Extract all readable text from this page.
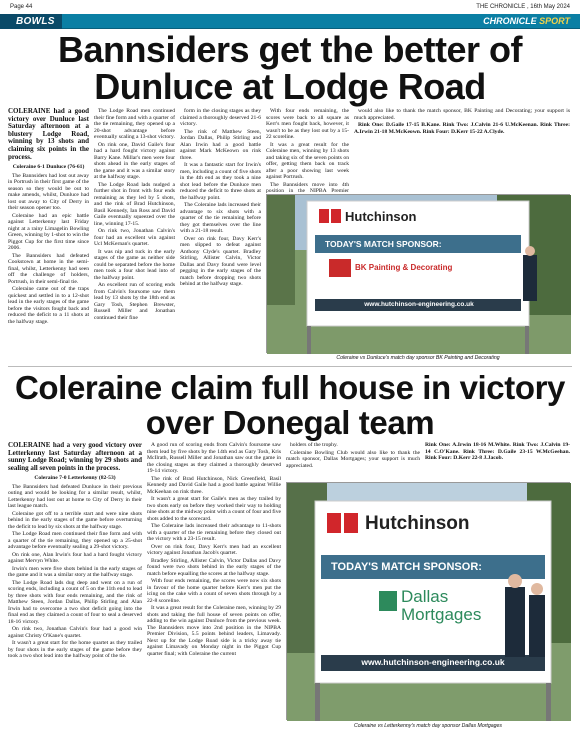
Page 44	THE CHRONICLE , 16th May 2024
BOWLS	CHRONICLE SPORT
Bannsiders get the better of Dunluce at Lodge Road

COLERAINE had a good victory over Dunluce last Saturday afternoon at a blustery Lodge Road, winning by 13 shots and claiming six points in the process.

Coleraine 6-1 Dunluce (76-61)

The Bannsiders had lost out away in Portrush in their first game of the season so they would be out to make amends, whilst, Dunluce had lost out away to City of Derry in their season opener too.

Coleraine had an epic battle against Letterkenny last Friday night at a rainy Limagelin Bowling Green, winning by 1-shot to win the Piggot Cup for the first time since 2006.

The Bannsiders had defeated Cookstown at home in the semi-final, whilst, Letterkenny had seen off the challenge of holders, Portrush, in their semi-final tie.

Coleraine came out of the traps quickest and settled in to a 12-shot lead in the early stages of the game before the visitors fought back and reduced the deficit to a 11 shots at the halfway stage.

The Lodge Road men continued their fine form and with a quarter of the tie remaining, they opened up a 20-shot advantage before eventually scaling a 13-shot victory.

On rink one, David Gaile's four had a hard fought victory against Barry Kane. Millar's men were four shots ahead in the early stages of the game and it was a similar story at the halfway stage.

The Lodge Road lads nudged a further shot in front with four ends remaining as they led by 5 shots, and the rink of Brad Hutchinson, Basil Kennedy, Ian Ross and David Gaile eventually squeezed over the line, winning 17-15.

On rink two, Jonathan Calvin's four had an excellent win against Ucl McKernan's quartet.

It was nip and tuck in the early stages of the game as neither side could be separated before the home men took a four shot lead into of the halfway point.

An excellent run of scoring ends from Calvin's foursome saw them lead by 13 shots by the 18th end as Gary Tosh, Stephen Brewster, Russell Miller and Jonathan continued their fine

form in the closing stages as they claimed a thoroughly deserved 21-6 victory.

The rink of Matthew Steen, Jordan Dallas, Philip Stirling and Alan Irwin had a good battle against Mark McKeown on rink three.

It was a fantastic start for Irwin's men, including a count of five shots in the 4th end as they took a nine shot lead before the Dunluce men reduced the deficit to three shots at the halfway point.

The Coleraine lads increased their advantage to six shots with a quarter of the tie remaining before they got themselves over the line with a 21-18 result.

Over on rink four, Davy Kerr's men slipped to defeat against Anthony Clyde's quartet. Bradley Stirling, Allister Calvin, Victor Dallas and Davy found were level pegging in the early stages of the match before dropping two shots behind at the halfway stage.

With four ends remaining, the scores were back to all square as Kerr's men fought back, however, it wasn't to be as they lost out by a 15-22 scoreline.

It was a great result for the Coleraine men, winning by 13 shots and taking six of the seven points on offer, getting them back on track after a poor showing last week against Portrush.

The Bannsiders move into 4th position in the NIPBA Premier

would also like to thank the match sponsor, BK Painting and Decorating; your support is much appreciated.

Rink One: D.Gaile 17-15 B.Kane. Rink Two: J.Calvin 21-6 U.McKeenan. Rink Three: A.Irwin 21-18 M.McKeown. Rink Four: D.Kerr 15-22 A.Clyde.

Hutchinson
TODAY'S MATCH SPONSOR:
BK Painting & Decorating
www.hutchinson-engineering.co.uk
Coleraine vs Dunluce's match day sponsor BK Painting and Decorating
Coleraine claim full house in victory over Donegal team

COLERAINE had a very good victory over Letterkenny last Saturday afternoon at a sunny Lodge Road; winning by 29 shots and sealing all seven points in the process.

Coleraine 7-0 Letterkenny (82-53)

The Bannsiders had defeated Dunluce in their previous outing and would be looking for a similar result, whilst, Letterkenny had lost out at home to City of Derry in their last league match.

Coleraine got off to a terrible start and were nine shots behind in the early stages of the game before overturning the deficit to lead by six shots at the halfway stage.

The Lodge Road men continued their fine form and with a quarter of the tie remaining, they opened up a 25-shot advantage before eventually sealing a 29-shot victory.

On rink one, Alan Irwin's four had a hard fought victory against Mervyn White.

Irwin's men were five shots behind in the early stages of the game and it was a similar story at the halfway stage.

The Lodge Road lads dug deep and went on a run of scoring ends, including a count of 5 on the 11th end to lead by three shots with four ends remaining, and the rink of Matthew Steen, Jordan Dallas, Philip Stirling and Alan Irwin had to overcome a two shot deficit going into the final end as they claimed a count of four to seal a deserved 18-16 victory.

On rink two, Jonathan Calvin's four had a good win against Christy O'Kane's quartet.

It wasn't a great start for the home quartet as they trailed by four shots in the early stages of the game before they took a two shot lead into the halfway point of the tie.

A good run of scoring ends from Calvin's foursome saw them lead by five shots by the 14th end as Gary Tosh, Kris McIlrath, Russell Miller and Jonathan saw out the game in the closing stages as they claimed a thoroughly deserved 19-14 victory.

The rink of Brad Hutchinson, Nick Greenfield, Basil Kennedy and David Gaile had a good battle against Willie McKeehan on rink three.

It wasn't a great start for Gaile's men as they trailed by two shots early on before they worked their way to holding nine shots at the midway point with a count of four and five shots added to the scorecard.

The Coleraine lads increased their advantage to 11-shots with a quarter of the tie remaining before they closed out the victory with a 23-15 result.

Over on rink four, Davy Kerr's men had an excellent victory against Jonathan Jacob's quartet.

Bradley Stirling, Allister Calvin, Victor Dallas and Davy found were two shots behind in the early stages of the match before equalling the scores at the halfway stage.

With four ends remaining, the scores were now six shots in favour of the home quarter before Kerr's men put the icing on the cake with a count of seven shots through by a 22-8 scoreline.

It was a great result for the Coleraine men, winning by 29 shots and taking the full house of seven points on offer, adding to the win against Dunluce from the previous week. The Bannsiders move into 2nd position in the NIPBA Premier Division, 5.5 points behind leaders, Limavady. Next up for the Lodge Road side is a tricky away tie against Limavady on Monday night in the Piggot Cup quarter final; with Coleraine the current

holders of the trophy.

Coleraine Bowling Club would also like to thank the match sponsor, Dallas Mortgages; your support is much appreciated.

Rink One: A.Irwin 18-16 M.White. Rink Two: J.Calvin 19-14 C.O'Kane. Rink Three: D.Gaile 23-15 W.McGeehan. Rink Four: D.Kerr 22-8 J.Jacob.
Hutchinson
TODAY'S MATCH SPONSOR:
Dallas
Mortgages
www.hutchinson-engineering.co.uk
Coleraine vs Letterkenny's match day sponsor Dallas Mortgages
